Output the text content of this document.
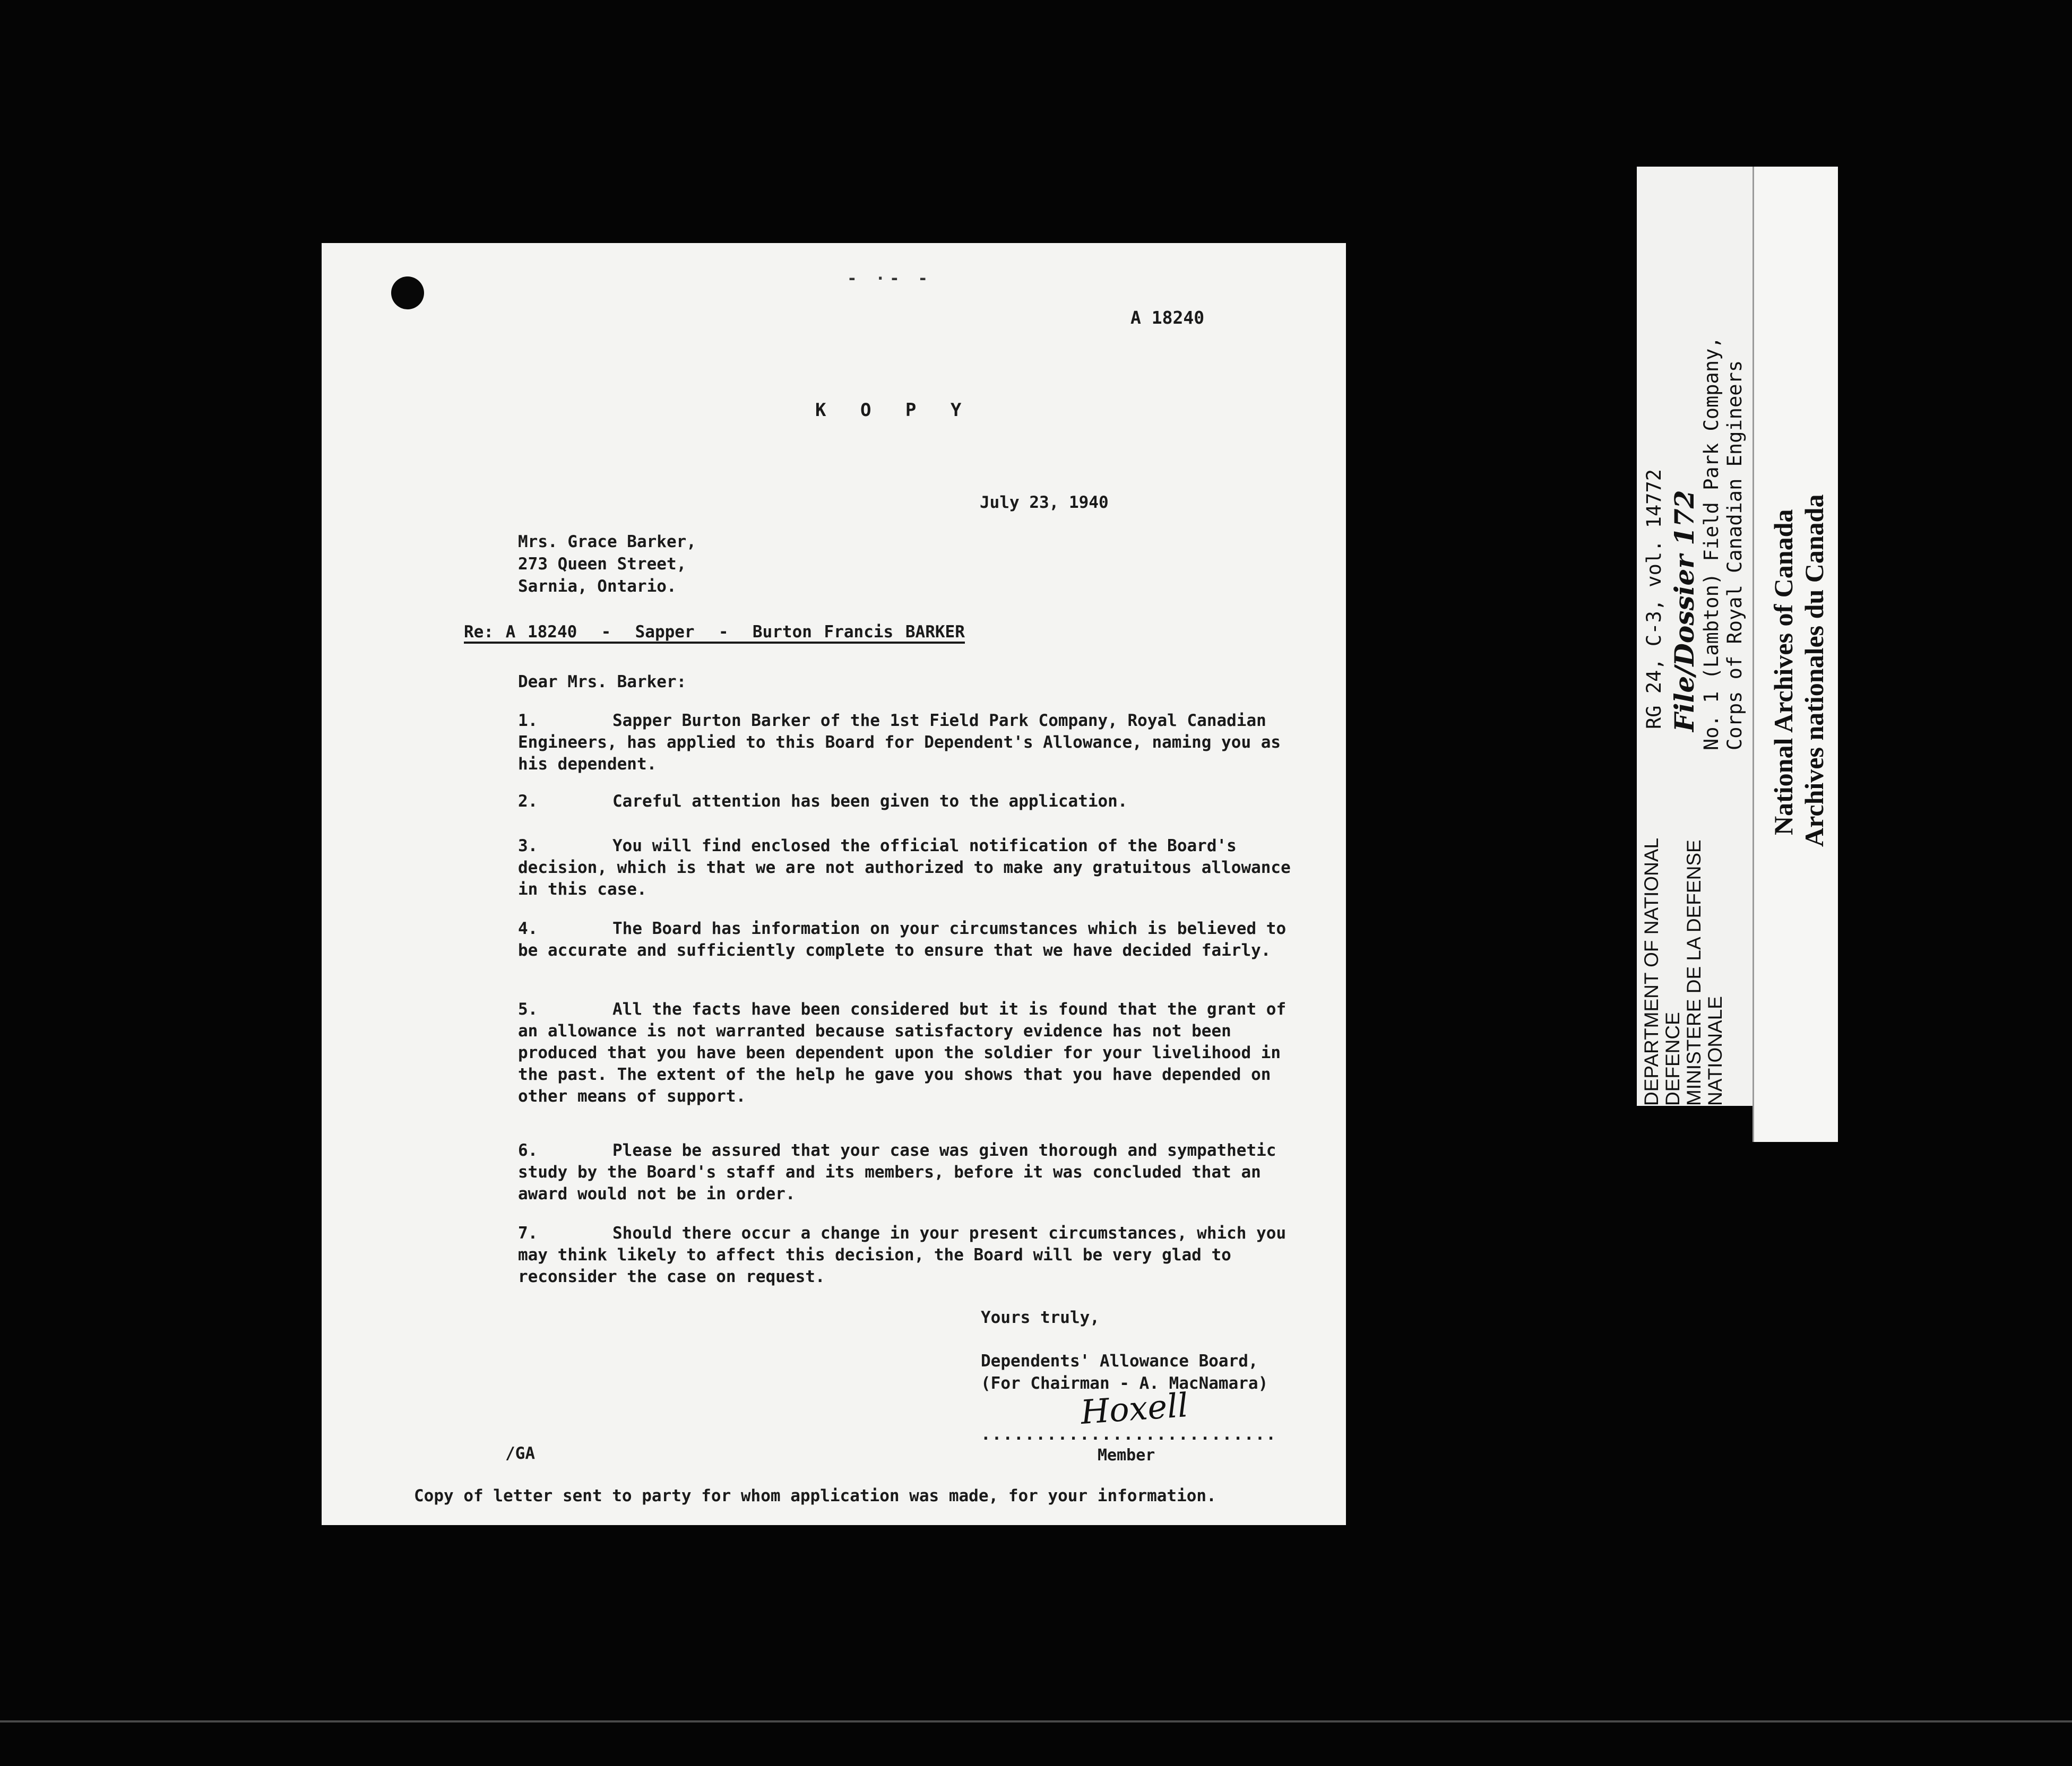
- ·- -
A 18240
K O P Y
July 23, 1940
Mrs. Grace Barker,
273 Queen Street,
Sarnia, Ontario.
Re: A 18240  -  Sapper  -  Burton Francis BARKER
Dear Mrs. Barker:
1.	Sapper Burton Barker of the 1st Field Park Company, Royal Canadian Engineers, has applied to this Board for Dependent's Allowance, naming you as his dependent.
2.	Careful attention has been given to the application.
3.	You will find enclosed the official notification of the Board's decision, which is that we are not authorized to make any gratuitous allowance in this case.
4.	The Board has information on your circumstances which is believed to be accurate and sufficiently complete to ensure that we have decided fairly.
5.	All the facts have been considered but it is found that the grant of an allowance is not warranted because satisfactory evidence has not been produced that you have been dependent upon the soldier for your livelihood in the past. The extent of the help he gave you shows that you have depended on other means of support.
6.	Please be assured that your case was given thorough and sympathetic study by the Board's staff and its members, before it was concluded that an award would not be in order.
7.	Should there occur a change in your present circumstances, which you may think likely to affect this decision, the Board will be very glad to reconsider the case on request.
Yours truly,
Dependents' Allowance Board,
(For Chairman - A. MacNamara)
Hoxell
...........................
Member
/GA
Copy of letter sent to party for whom application was made, for your information.
RG 24, C-3, vol. 14772 File/Dossier 172 No. 1 (Lambton) Field Park Company, Corps of Royal Canadian Engineers
DEPARTMENT OF NATIONAL DEFENCE MINISTERE DE LA DEFENSE NATIONALE
National Archives of Canada Archives nationales du Canada
